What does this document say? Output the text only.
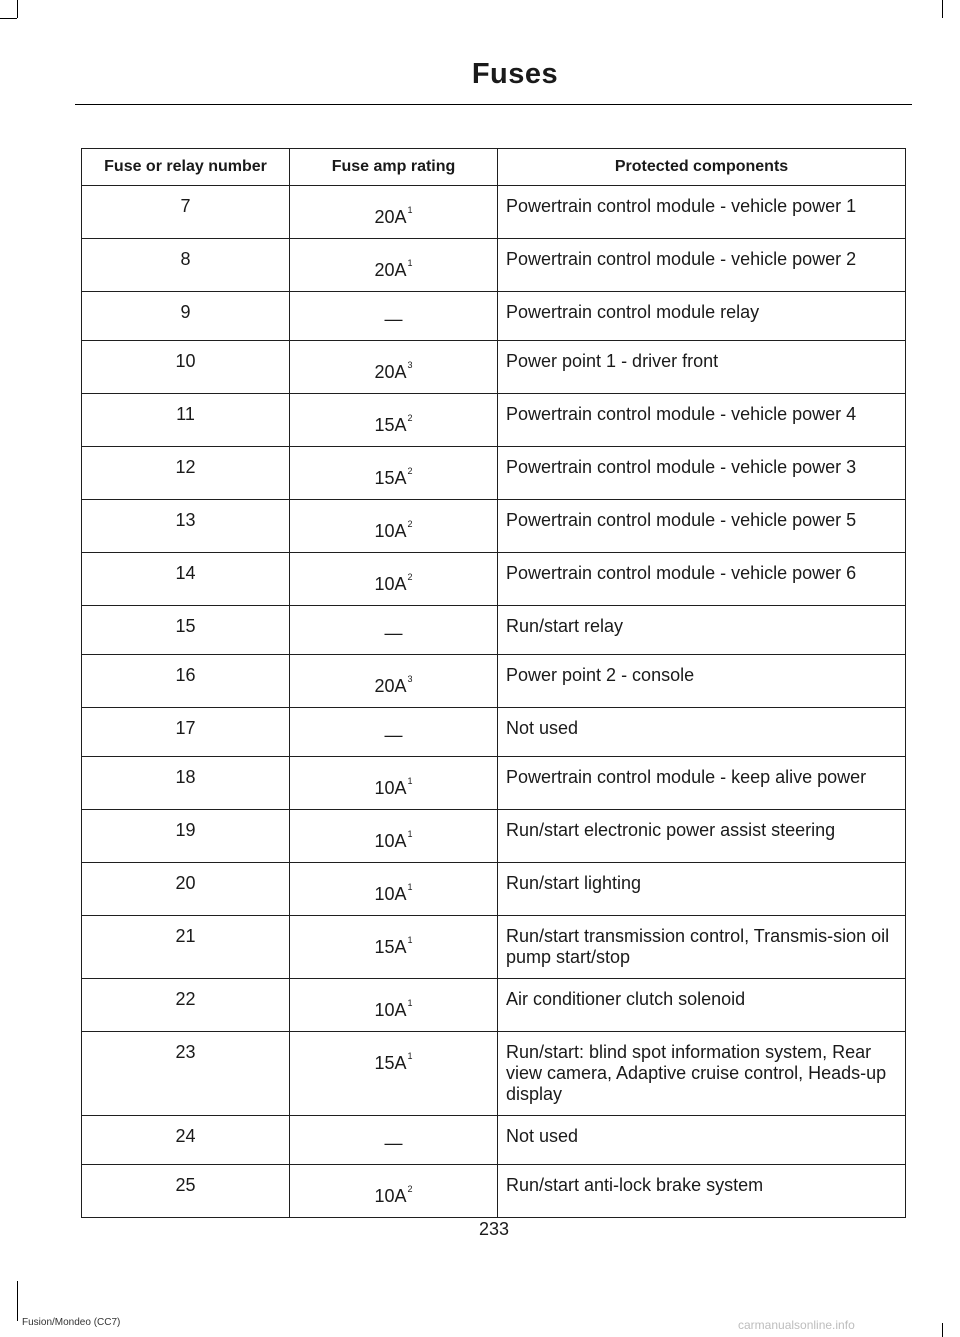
Fuses
Fuse or relay number	Fuse amp rating	Protected components
7	$20A^1$	Powertrain control module - vehicle power 1
8	$20A^1$	Powertrain control module - vehicle power 2
9	—	Powertrain control module relay
10	$20A^3$	Power point 1 - driver front
11	$15A^2$	Powertrain control module - vehicle power 4
12	$15A^2$	Powertrain control module - vehicle power 3
13	$10A^2$	Powertrain control module - vehicle power 5
14	$10A^2$	Powertrain control module - vehicle power 6
15	—	Run/start relay
16	$20A^3$	Power point 2 - console
17	—	Not used
18	$10A^1$	Powertrain control module - keep alive power
19	$10A^1$	Run/start electronic power assist steering
20	$10A^1$	Run/start lighting
21	$15A^1$	Run/start transmission control, Transmis-sion oil pump start/stop
22	$10A^1$	Air conditioner clutch solenoid
23	$15A^1$	Run/start: blind spot information system, Rear view camera, Adaptive cruise control, Heads-up display
24	—	Not used
25	$10A^2$	Run/start anti-lock brake system
233
Fusion/Mondeo (CC7)	carmanualsonline.info
